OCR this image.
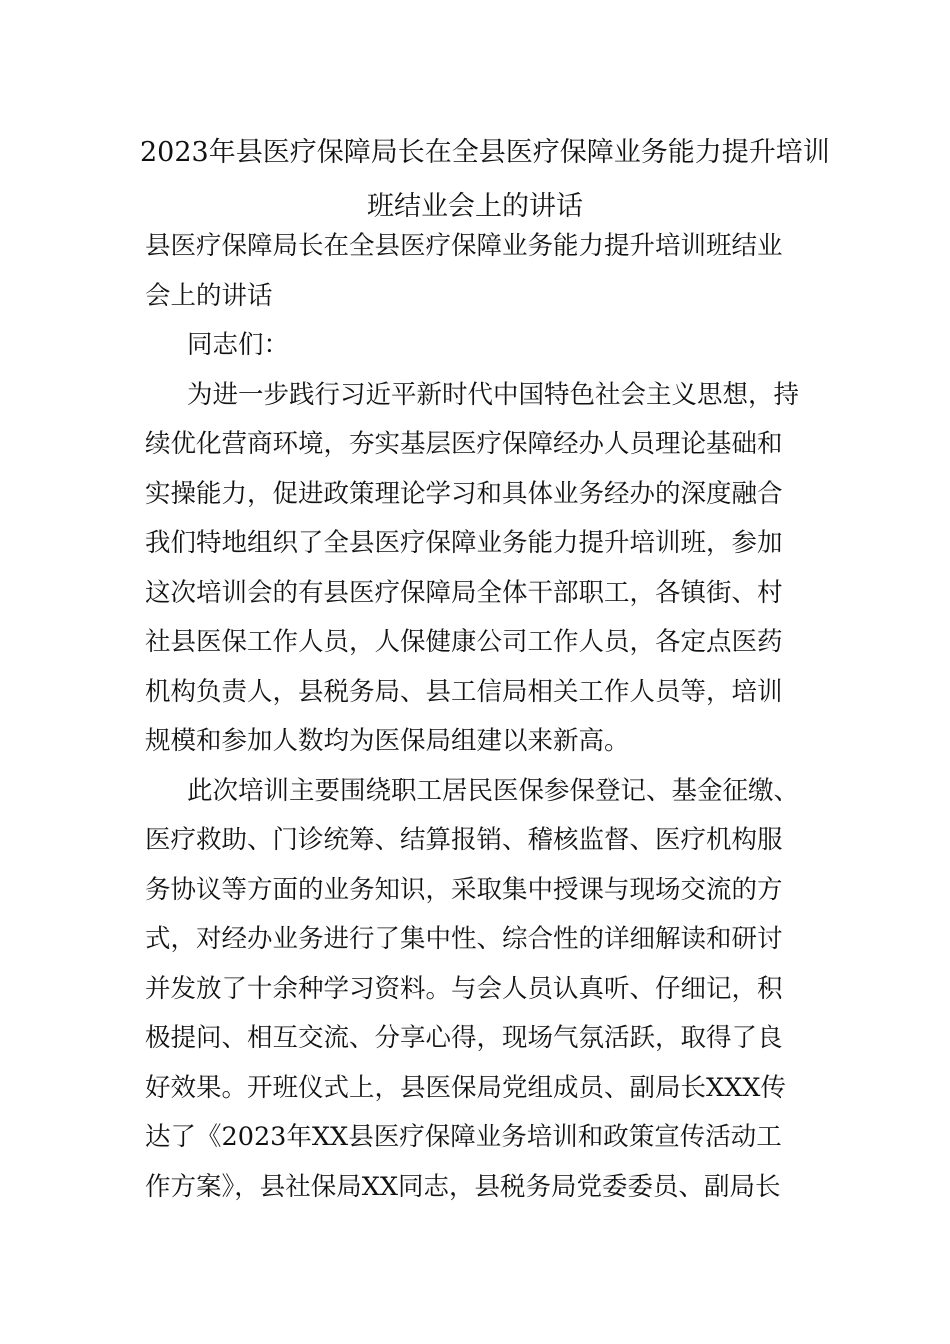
2023年县医疗保障局长在全县医疗保障业务能力提升培训
班结业会上的讲话
县医疗保障局长在全县医疗保障业务能力提升培训班结业
会上的讲话
同志们：
为进一步践行习近平新时代中国特色社会主义思想，持
续优化营商环境，夯实基层医疗保障经办人员理论基础和
实操能力，促进政策理论学习和具体业务经办的深度融合
我们特地组织了全县医疗保障业务能力提升培训班，参加
这次培训会的有县医疗保障局全体干部职工，各镇街、村
社县医保工作人员，人保健康公司工作人员，各定点医药
机构负责人，县税务局、县工信局相关工作人员等，培训
规模和参加人数均为医保局组建以来新高。
此次培训主要围绕职工居民医保参保登记、基金征缴、
医疗救助、门诊统筹、结算报销、稽核监督、医疗机构服
务协议等方面的业务知识，采取集中授课与现场交流的方
式，对经办业务进行了集中性、综合性的详细解读和研讨
并发放了十余种学习资料。与会人员认真听、仔细记，积
极提问、相互交流、分享心得，现场气氛活跃，取得了良
好效果。开班仪式上，县医保局党组成员、副局长XXX传
达了《2023年XX县医疗保障业务培训和政策宣传活动工
作方案》，县社保局XX同志，县税务局党委委员、副局长
